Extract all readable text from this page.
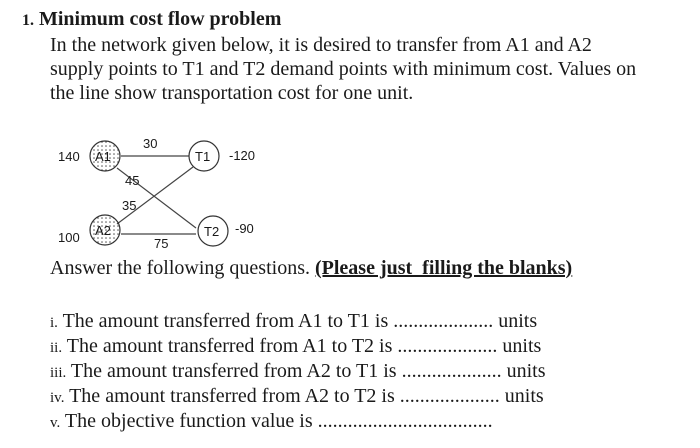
1. Minimum cost flow problem
In the network given below, it is desired to transfer from A1 and A2
supply points to T1 and T2 demand points with minimum cost. Values on
the line show transportation cost for one unit.
30
45
35
75
A1
A2
T1
T2
140
100
-120
-90
Answer the following questions. (Please just  filling the blanks)
i. The amount transferred from A1 to T1 is .................... units
ii. The amount transferred from A1 to T2 is .................... units
iii. The amount transferred from A2 to T1 is .................... units
iv. The amount transferred from A2 to T2 is .................... units
v. The objective function value is ...................................
